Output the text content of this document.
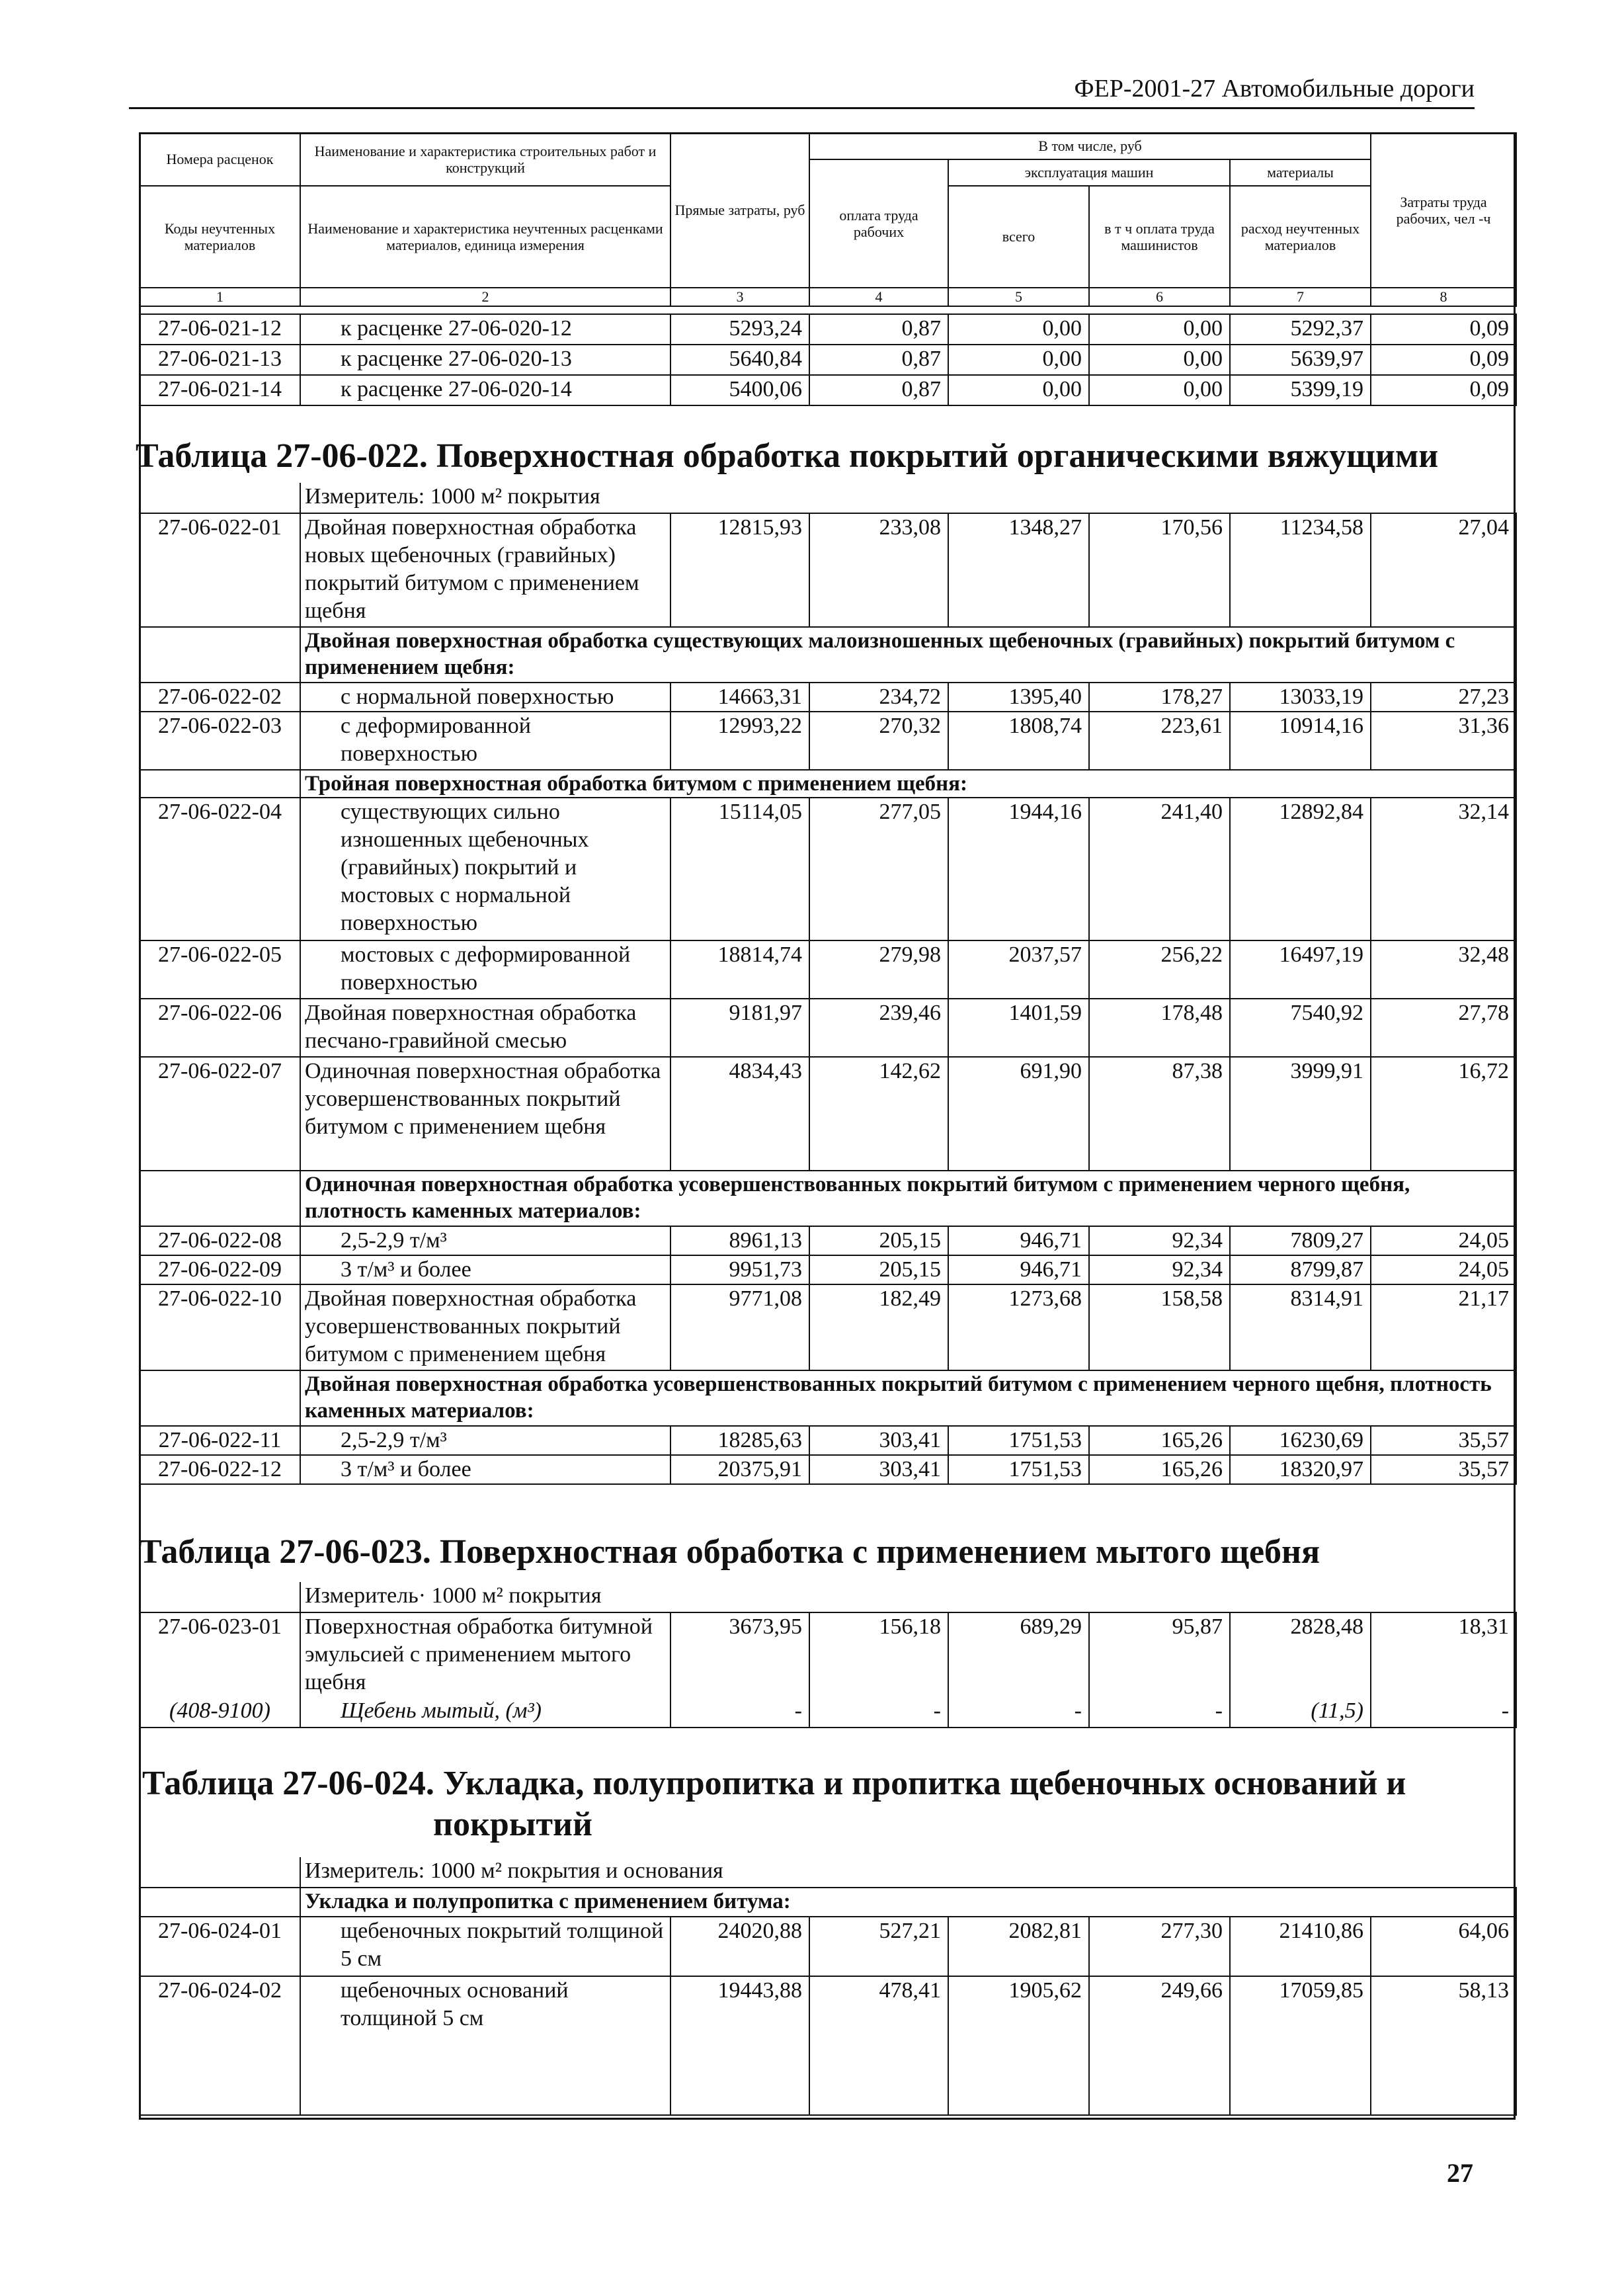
ФЕР-2001-27 Автомобильные дороги
Номера расценок	Наименование и характеристика строительных работ и конструкций	Прямые затраты, руб	В том числе, руб				Затраты труда рабочих, чел -ч
			оплата труда рабочих	эксплуатация машин		материалы	
Коды неучтенных материалов	Наименование и характеристика неучтенных расценками материалов, единица измерения			всего	в т ч оплата труда машинистов	расход неучтенных материалов	

1	2	3	4	5	6	7	8
27-06-021-12	к расценке 27-06-020-12	5293,24	0,87	0,00	0,00	5292,37	0,09
27-06-021-13	к расценке 27-06-020-13	5640,84	0,87	0,00	0,00	5639,97	0,09
27-06-021-14	к расценке 27-06-020-14	5400,06	0,87	0,00	0,00	5399,19	0,09
Таблица 27-06-022. Поверхностная обработка покрытий органическими вяжущими
	Измеритель: 1000 м² покрытия						
27-06-022-01	Двойная поверхностная обработка новых щебеночных (гравийных) покрытий битумом с применением щебня	12815,93	233,08	1348,27	170,56	11234,58	27,04
	Двойная поверхностная обработка существующих малоизношенных щебеночных (гравийных) покрытий битумом с применением щебня:						
27-06-022-02	с нормальной поверхностью	14663,31	234,72	1395,40	178,27	13033,19	27,23
27-06-022-03	с деформированной поверхностью	12993,22	270,32	1808,74	223,61	10914,16	31,36
	Тройная поверхностная обработка битумом с применением щебня:						
27-06-022-04	существующих сильно изношенных щебеночных (гравийных) покрытий и мостовых с нормальной поверхностью	15114,05	277,05	1944,16	241,40	12892,84	32,14
27-06-022-05	мостовых с деформированной поверхностью	18814,74	279,98	2037,57	256,22	16497,19	32,48
27-06-022-06	Двойная поверхностная обработка песчано-гравийной смесью	9181,97	239,46	1401,59	178,48	7540,92	27,78
27-06-022-07	Одиночная поверхностная обработка усовершенствованных покрытий битумом с применением щебня	4834,43	142,62	691,90	87,38	3999,91	16,72
	Одиночная поверхностная обработка усовершенствованных покрытий битумом с применением черного щебня, плотность каменных материалов:						
27-06-022-08	2,5-2,9 т/м³	8961,13	205,15	946,71	92,34	7809,27	24,05
27-06-022-09	3 т/м³ и более	9951,73	205,15	946,71	92,34	8799,87	24,05
27-06-022-10	Двойная поверхностная обработка усовершенствованных покрытий битумом с применением щебня	9771,08	182,49	1273,68	158,58	8314,91	21,17
	Двойная поверхностная обработка усовершенствованных покрытий битумом с применением черного щебня, плотность каменных материалов:						
27-06-022-11	2,5-2,9 т/м³	18285,63	303,41	1751,53	165,26	16230,69	35,57
27-06-022-12	3 т/м³ и более	20375,91	303,41	1751,53	165,26	18320,97	35,57
Таблица 27-06-023. Поверхностная обработка с применением мытого щебня
	Измеритель· 1000 м² покрытия						
27-06-023-01	Поверхностная обработка битумной эмульсией с применением мытого щебня	3673,95	156,18	689,29	95,87	2828,48	18,31
(408-9100)	Щебень мытый, (м³)	-	-	-	-	(11,5)	-
Таблица 27-06-024. Укладка, полупропитка и пропитка щебеночных оснований и
покрытий
	Измеритель: 1000 м² покрытия и основания						
	Укладка и полупропитка с применением битума:						
27-06-024-01	щебеночных покрытий толщиной 5 см	24020,88	527,21	2082,81	277,30	21410,86	64,06
27-06-024-02	щебеночных оснований толщиной 5 см	19443,88	478,41	1905,62	249,66	17059,85	58,13
27
